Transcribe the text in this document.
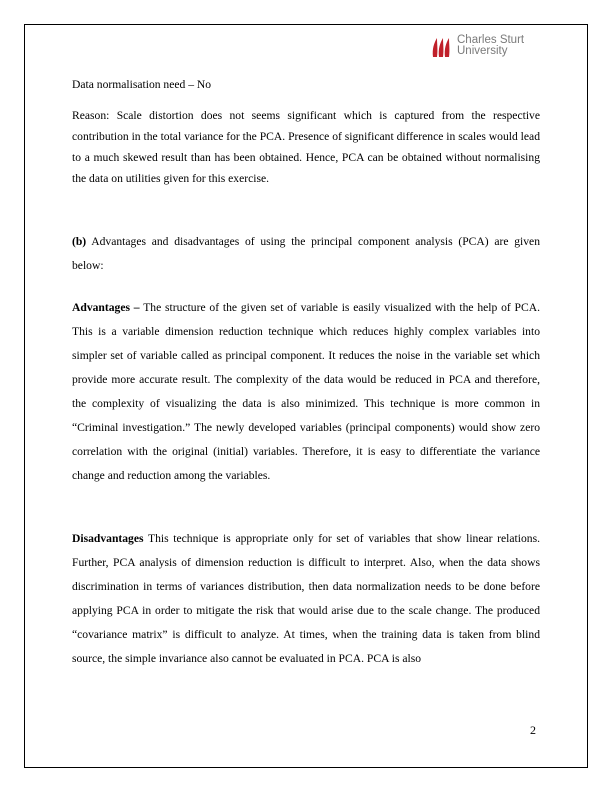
Charles Sturt
University

Data normalisation need – No

Reason: Scale distortion does not seems significant which is captured from the respective contribution in the total variance for the PCA. Presence of significant difference in scales would lead to a much skewed result than has been obtained. Hence, PCA can be obtained without normalising the data on utilities given for this exercise.

(b) Advantages and disadvantages of using the principal component analysis (PCA) are given below:

Advantages – The structure of the given set of variable is easily visualized with the help of PCA. This is a variable dimension reduction technique which reduces highly complex variables into simpler set of variable called as principal component. It reduces the noise in the variable set which provide more accurate result. The complexity of the data would be reduced in PCA and therefore, the complexity of visualizing the data is also minimized. This technique is more common in “Criminal investigation.” The newly developed variables (principal components) would show zero correlation with the original (initial) variables. Therefore, it is easy to differentiate the variance change and reduction among the variables.

Disadvantages This technique is appropriate only for set of variables that show linear relations. Further, PCA analysis of dimension reduction is difficult to interpret. Also, when the data shows discrimination in terms of variances distribution, then data normalization needs to be done before applying PCA in order to mitigate the risk that would arise due to the scale change. The produced “covariance matrix” is difficult to analyze. At times, when the training data is taken from blind source, the simple invariance also cannot be evaluated in PCA. PCA is also

2
